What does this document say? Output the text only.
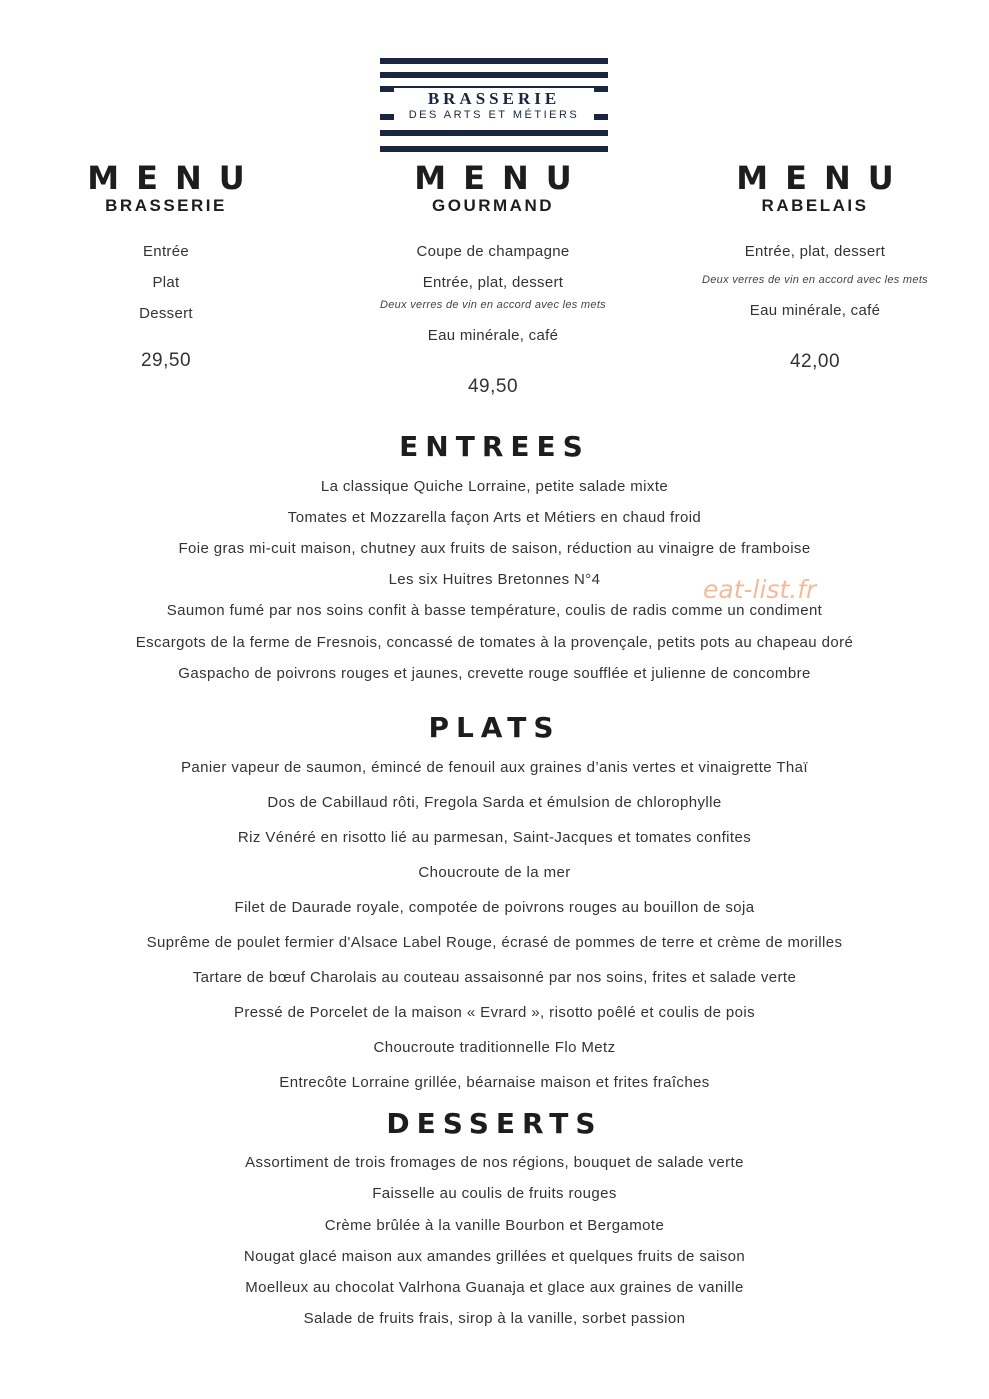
BRASSERIE
DES ARTS ET MÉTIERS
MENU
BRASSERIE
Entrée
Plat
Dessert
29,50
MENU
GOURMAND
Coupe de champagne
Entrée, plat, dessert
Deux verres de vin en accord avec les mets
Eau minérale, café
49,50
MENU
RABELAIS
Entrée, plat, dessert
Deux verres de vin en accord avec les mets
Eau minérale, café
42,00
ENTREES
La classique Quiche Lorraine, petite salade mixte
Tomates et Mozzarella façon Arts et Métiers en chaud froid
Foie gras mi-cuit maison, chutney aux fruits de saison, réduction au vinaigre de framboise
Les six Huitres Bretonnes N°4
Saumon fumé par nos soins confit à basse température, coulis de radis comme un condiment
Escargots de la ferme de Fresnois, concassé de tomates à la provençale, petits pots au chapeau doré
Gaspacho de poivrons rouges et jaunes, crevette rouge soufflée et julienne de concombre
PLATS
Panier vapeur de saumon, émincé de fenouil aux graines d’anis vertes et vinaigrette Thaï
Dos de Cabillaud rôti, Fregola Sarda et émulsion de chlorophylle
Riz Vénéré en risotto lié au parmesan, Saint-Jacques et tomates confites
Choucroute de la mer
Filet de Daurade royale, compotée de poivrons rouges au bouillon de soja
Suprême de poulet fermier d'Alsace Label Rouge, écrasé de pommes de terre et crème de morilles
Tartare de bœuf Charolais au couteau assaisonné par nos soins, frites et salade verte
Pressé de Porcelet de la maison « Evrard », risotto poêlé et coulis de pois
Choucroute traditionnelle Flo Metz
Entrecôte Lorraine grillée, béarnaise maison et frites fraîches
DESSERTS
Assortiment de trois fromages de nos régions, bouquet de salade verte
Faisselle au coulis de fruits rouges
Crème brûlée à la vanille Bourbon et Bergamote
Nougat glacé maison aux amandes grillées et quelques fruits de saison
Moelleux au chocolat Valrhona Guanaja et glace aux graines de vanille
Salade de fruits frais, sirop à la vanille, sorbet passion
eat-list.fr
